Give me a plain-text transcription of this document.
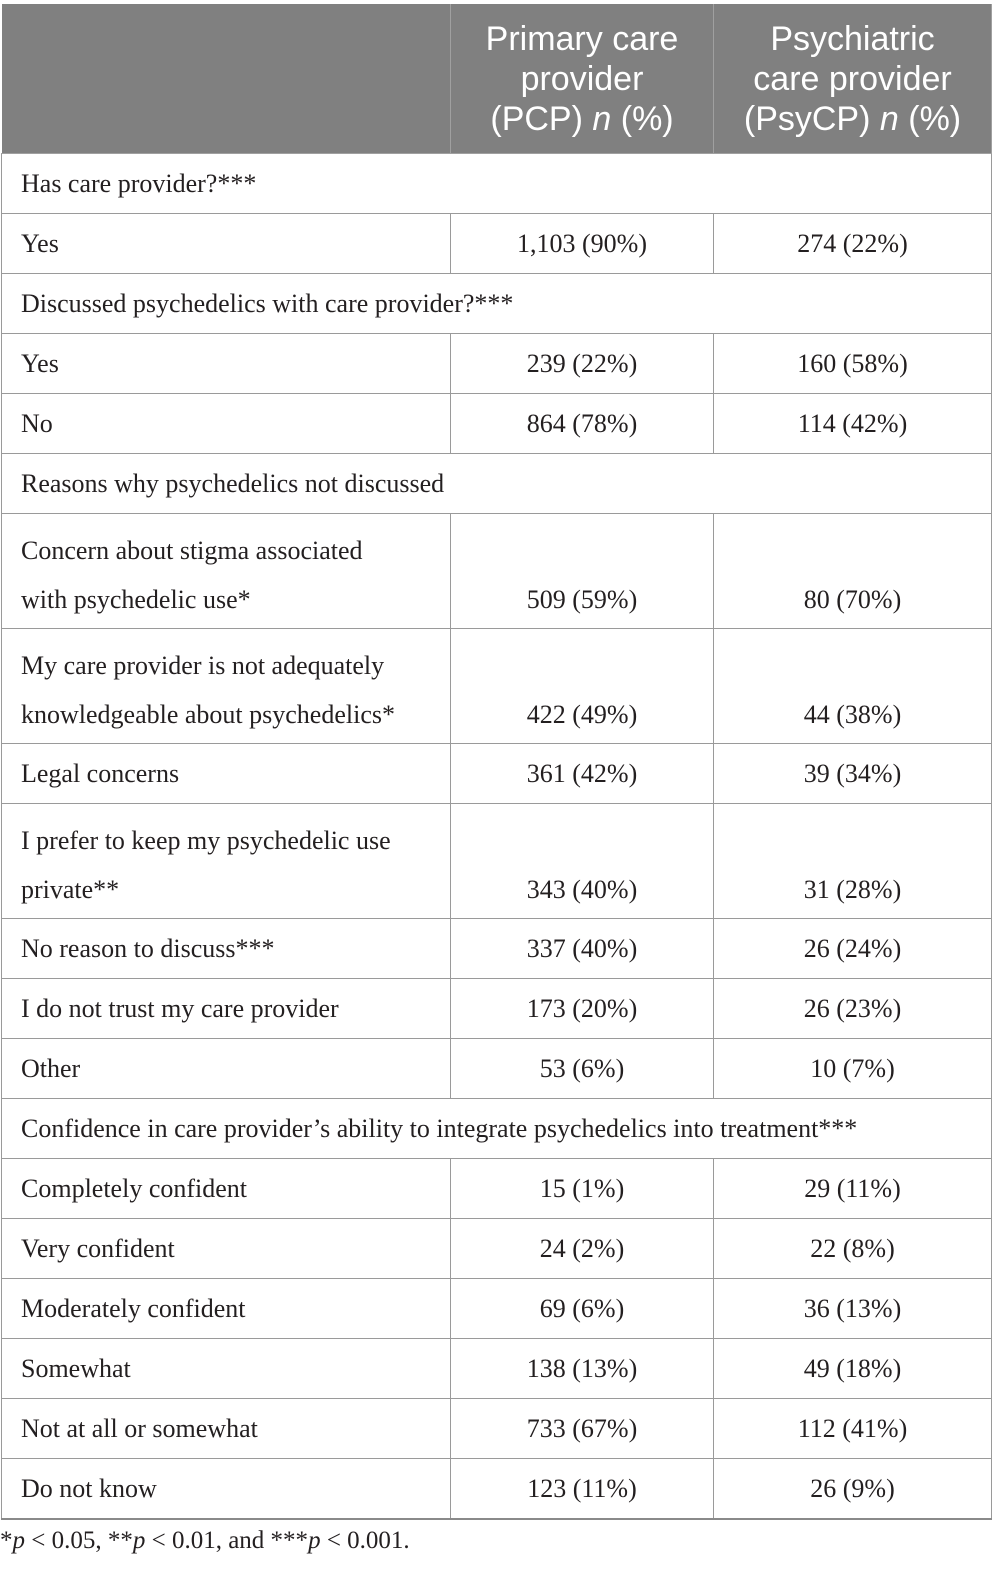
	Primary care
provider
(PCP) n (%)	Psychiatric
care provider
(PsyCP) n (%)
Has care provider?***		
Yes	1,103 (90%)	274 (22%)
Discussed psychedelics with care provider?***		
Yes	239 (22%)	160 (58%)
No	864 (78%)	114 (42%)
Reasons why psychedelics not discussed		
Concern about stigma associated
with psychedelic use*	509 (59%)	80 (70%)
My care provider is not adequately
knowledgeable about psychedelics*	422 (49%)	44 (38%)
Legal concerns	361 (42%)	39 (34%)
I prefer to keep my psychedelic use
private**	343 (40%)	31 (28%)
No reason to discuss***	337 (40%)	26 (24%)
I do not trust my care provider	173 (20%)	26 (23%)
Other	53 (6%)	10 (7%)
Confidence in care provider’s ability to integrate psychedelics into treatment***		
Completely confident	15 (1%)	29 (11%)
Very confident	24 (2%)	22 (8%)
Moderately confident	69 (6%)	36 (13%)
Somewhat	138 (13%)	49 (18%)
Not at all or somewhat	733 (67%)	112 (41%)
Do not know	123 (11%)	26 (9%)
*p < 0.05, **p < 0.01, and ***p < 0.001.
